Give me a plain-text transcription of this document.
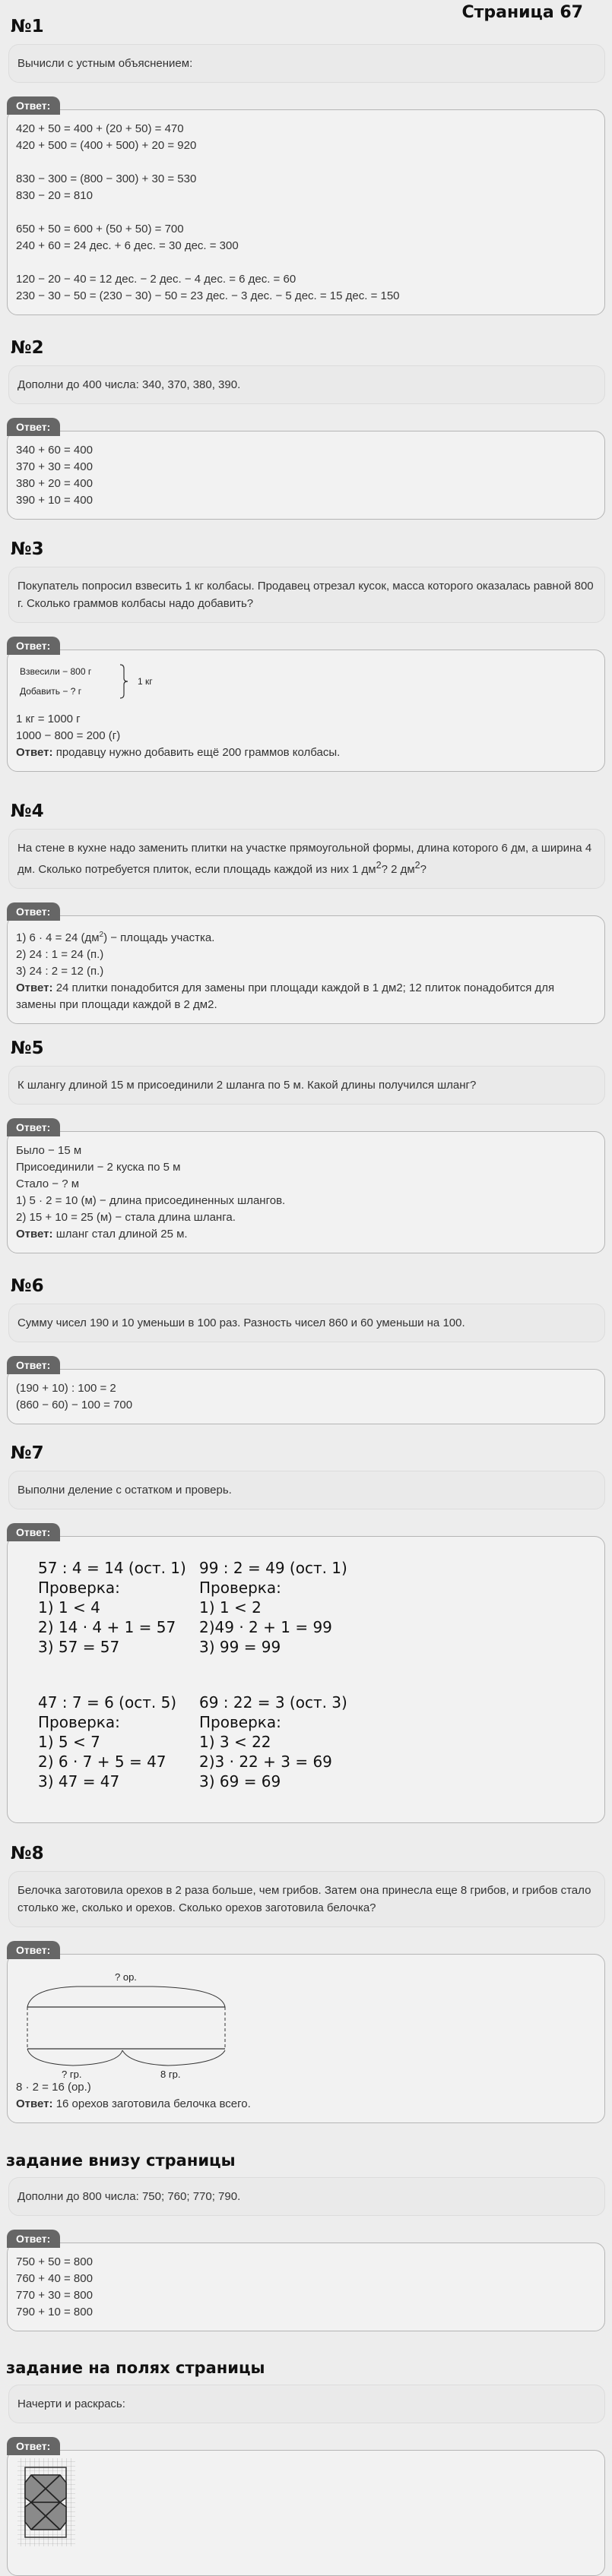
Страница 67
№1
Вычисли с устным объяснением:
Ответ:
420 + 50 = 400 + (20 + 50) = 470
420 + 500 = (400 + 500) + 20 = 920
830 − 300 = (800 − 300) + 30 = 530
830 − 20 = 810
650 + 50 = 600 + (50 + 50) = 700
240 + 60 = 24 дес. + 6 дес. = 30 дес. = 300
120 − 20 − 40 = 12 дес. − 2 дес. − 4 дес. = 6 дес. = 60
230 − 30 − 50 = (230 − 30) − 50 = 23 дес. − 3 дес. − 5 дес. = 15 дес. = 150
№2
Дополни до 400 числа: 340, 370, 380, 390.
Ответ:
340 + 60 = 400
370 + 30 = 400
380 + 20 = 400
390 + 10 = 400
№3
Покупатель попросил взвесить 1 кг колбасы. Продавец отрезал кусок, масса которого оказалась равной 800 г. Сколько граммов колбасы надо добавить?
Ответ:
Взвесили − 800 г
Добавить − ? г
1 кг
1 кг = 1000 г
1000 − 800 = 200 (г)
Ответ: продавцу нужно добавить ещё 200 граммов колбасы.
№4
На стене в кухне надо заменить плитки на участке прямоугольной формы, длина которого 6 дм, а ширина 4 дм. Сколько потребуется плиток, если площадь каждой из них 1 $дм^2$? 2 $дм^2$?
Ответ:
1) 6 · 4 = 24 $(дм^2)$ − площадь участка.
2) 24 : 1 = 24 (п.)
3) 24 : 2 = 12 (п.)
Ответ: 24 плитки понадобится для замены при площади каждой в 1 дм2; 12 плиток понадобится для замены при площади каждой в 2 дм2.
№5
К шлангу длиной 15 м присоединили 2 шланга по 5 м. Какой длины получился шланг?
Ответ:
Было − 15 м
Присоединили − 2 куска по 5 м
Стало − ? м
1) 5 · 2 = 10 (м) − длина присоединенных шлангов.
2) 15 + 10 = 25 (м) − стала длина шланга.
Ответ: шланг стал длиной 25 м.
№6
Сумму чисел 190 и 10 уменьши в 100 раз. Разность чисел 860 и 60 уменьши на 100.
Ответ:
(190 + 10) : 100 = 2
(860 − 60) − 100 = 700
№7
Выполни деление с остатком и проверь.
Ответ:
57 : 4 = 14 (ост. 1)
Проверка:
1) 1 < 4
2) 14 · 4 + 1 = 57
3) 57 = 57
99 : 2 = 49 (ост. 1)
Проверка:
1) 1 < 2
2)49 · 2 + 1 = 99
3) 99 = 99
47 : 7 = 6 (ост. 5)
Проверка:
1) 5 < 7
2) 6 · 7 + 5 = 47
3) 47 = 47
69 : 22 = 3 (ост. 3)
Проверка:
1) 3 < 22
2)3 · 22 + 3 = 69
3) 69 = 69
№8
Белочка заготовила орехов в 2 раза больше, чем грибов. Затем она принесла еще 8 грибов, и грибов стало столько же, сколько и орехов. Сколько орехов заготовила белочка?
Ответ:
? ор.
? гр.	8 гр.
8 · 2 = 16 (ор.)
Ответ: 16 орехов заготовила белочка всего.
задание внизу страницы
Дополни до 800 числа: 750; 760; 770; 790.
Ответ:
750 + 50 = 800
760 + 40 = 800
770 + 30 = 800
790 + 10 = 800
задание на полях страницы
Начерти и раскрась:
Ответ:
